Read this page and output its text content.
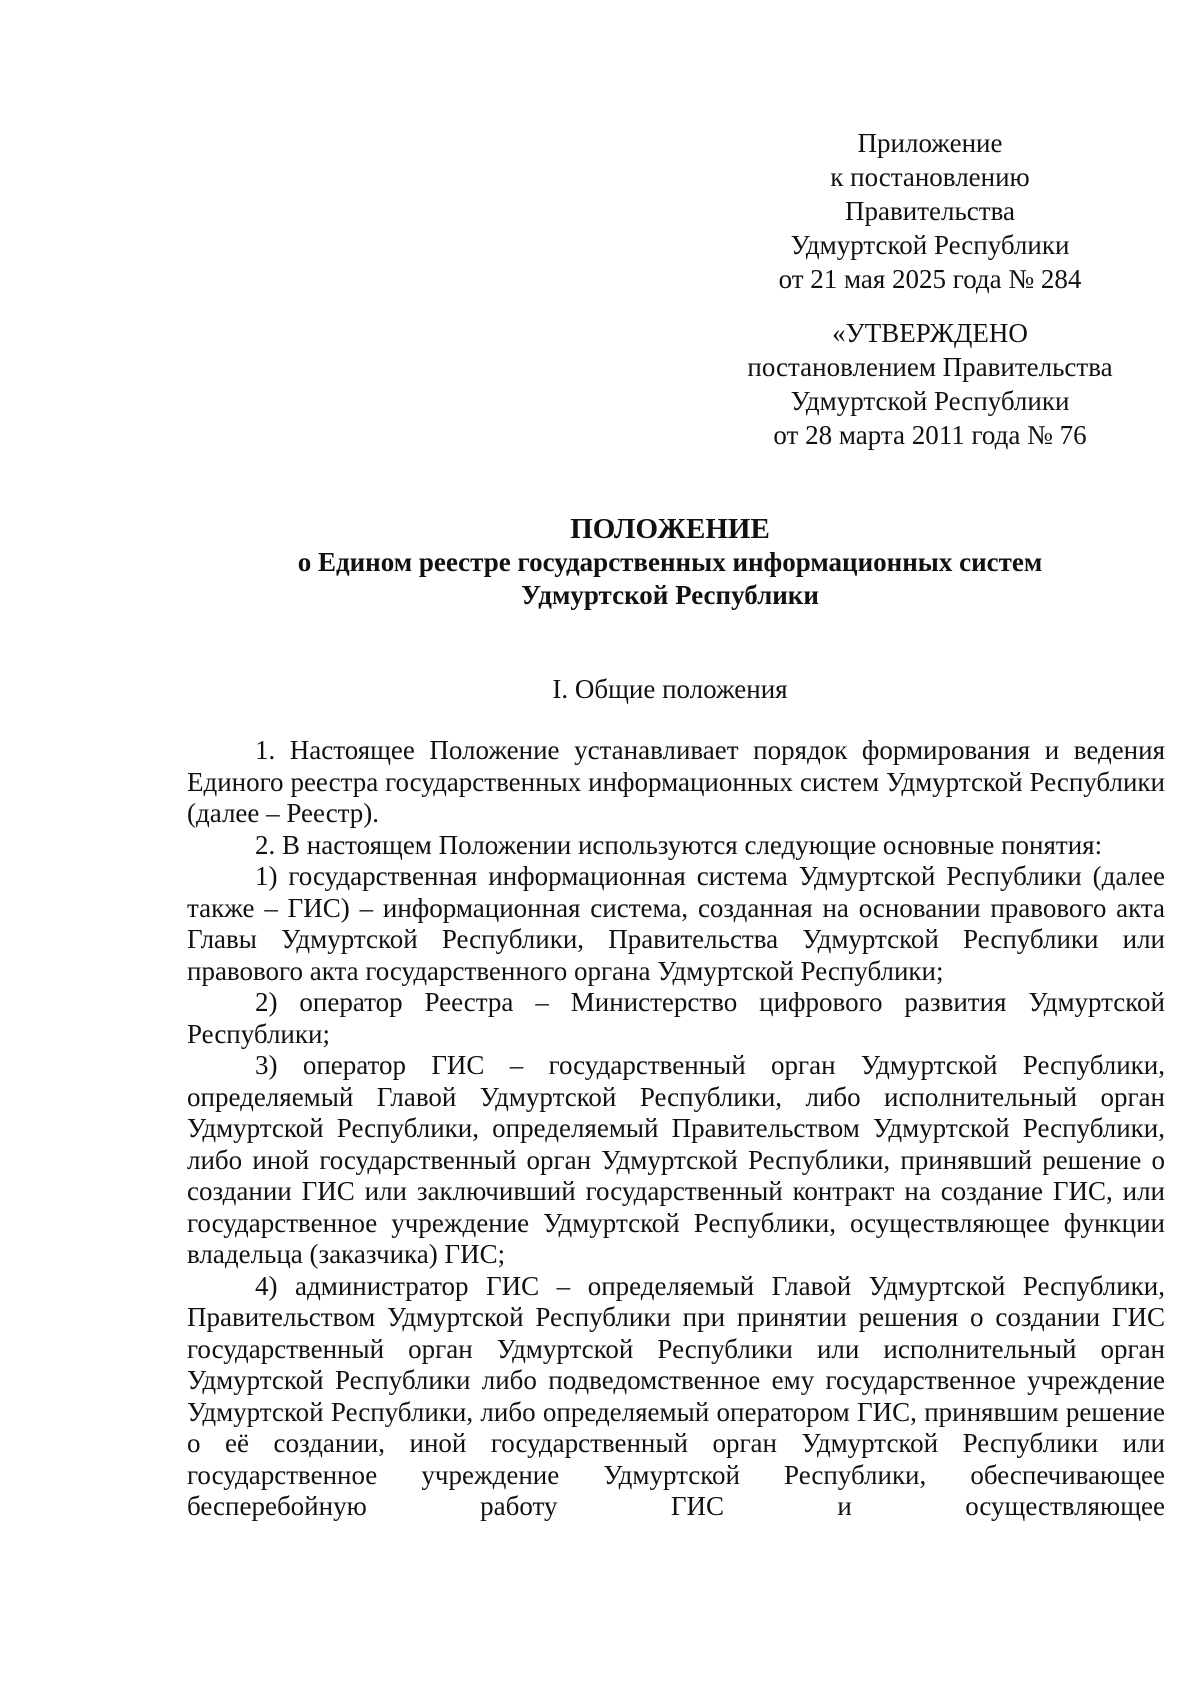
Приложение
к постановлению Правительства
Удмуртской Республики
от 21 мая 2025 года № 284
«УТВЕРЖДЕНО
постановлением Правительства
Удмуртской Республики
от 28 марта 2011 года № 76
ПОЛОЖЕНИЕ
о Едином реестре государственных информационных систем
Удмуртской Республики
I. Общие положения

1. Настоящее Положение устанавливает порядок формирования и ведения Единого реестра государственных информационных систем Удмуртской Республики (далее – Реестр).

2. В настоящем Положении используются следующие основные понятия:

1) государственная информационная система Удмуртской Республики (далее также – ГИС) – информационная система, созданная на основании правового акта Главы Удмуртской Республики, Правительства Удмуртской Республики или правового акта государственного органа Удмуртской Республики;

2) оператор Реестра – Министерство цифрового развития Удмуртской Республики;

3) оператор ГИС – государственный орган Удмуртской Республики, определяемый Главой Удмуртской Республики, либо исполнительный орган Удмуртской Республики, определяемый Правительством Удмуртской Республики, либо иной государственный орган Удмуртской Республики, принявший решение о создании ГИС или заключивший государственный контракт на создание ГИС, или государственное учреждение Удмуртской Республики, осуществляющее функции владельца (заказчика) ГИС;

4) администратор ГИС – определяемый Главой Удмуртской Республики, Правительством Удмуртской Республики при принятии решения о создании ГИС государственный орган Удмуртской Республики или исполнительный орган Удмуртской Республики либо подведомственное ему государственное учреждение Удмуртской Республики, либо определяемый оператором ГИС, принявшим решение о её создании, иной государственный орган Удмуртской Республики или государственное учреждение Удмуртской Республики, обеспечивающее бесперебойную работу ГИС и осуществляющее
